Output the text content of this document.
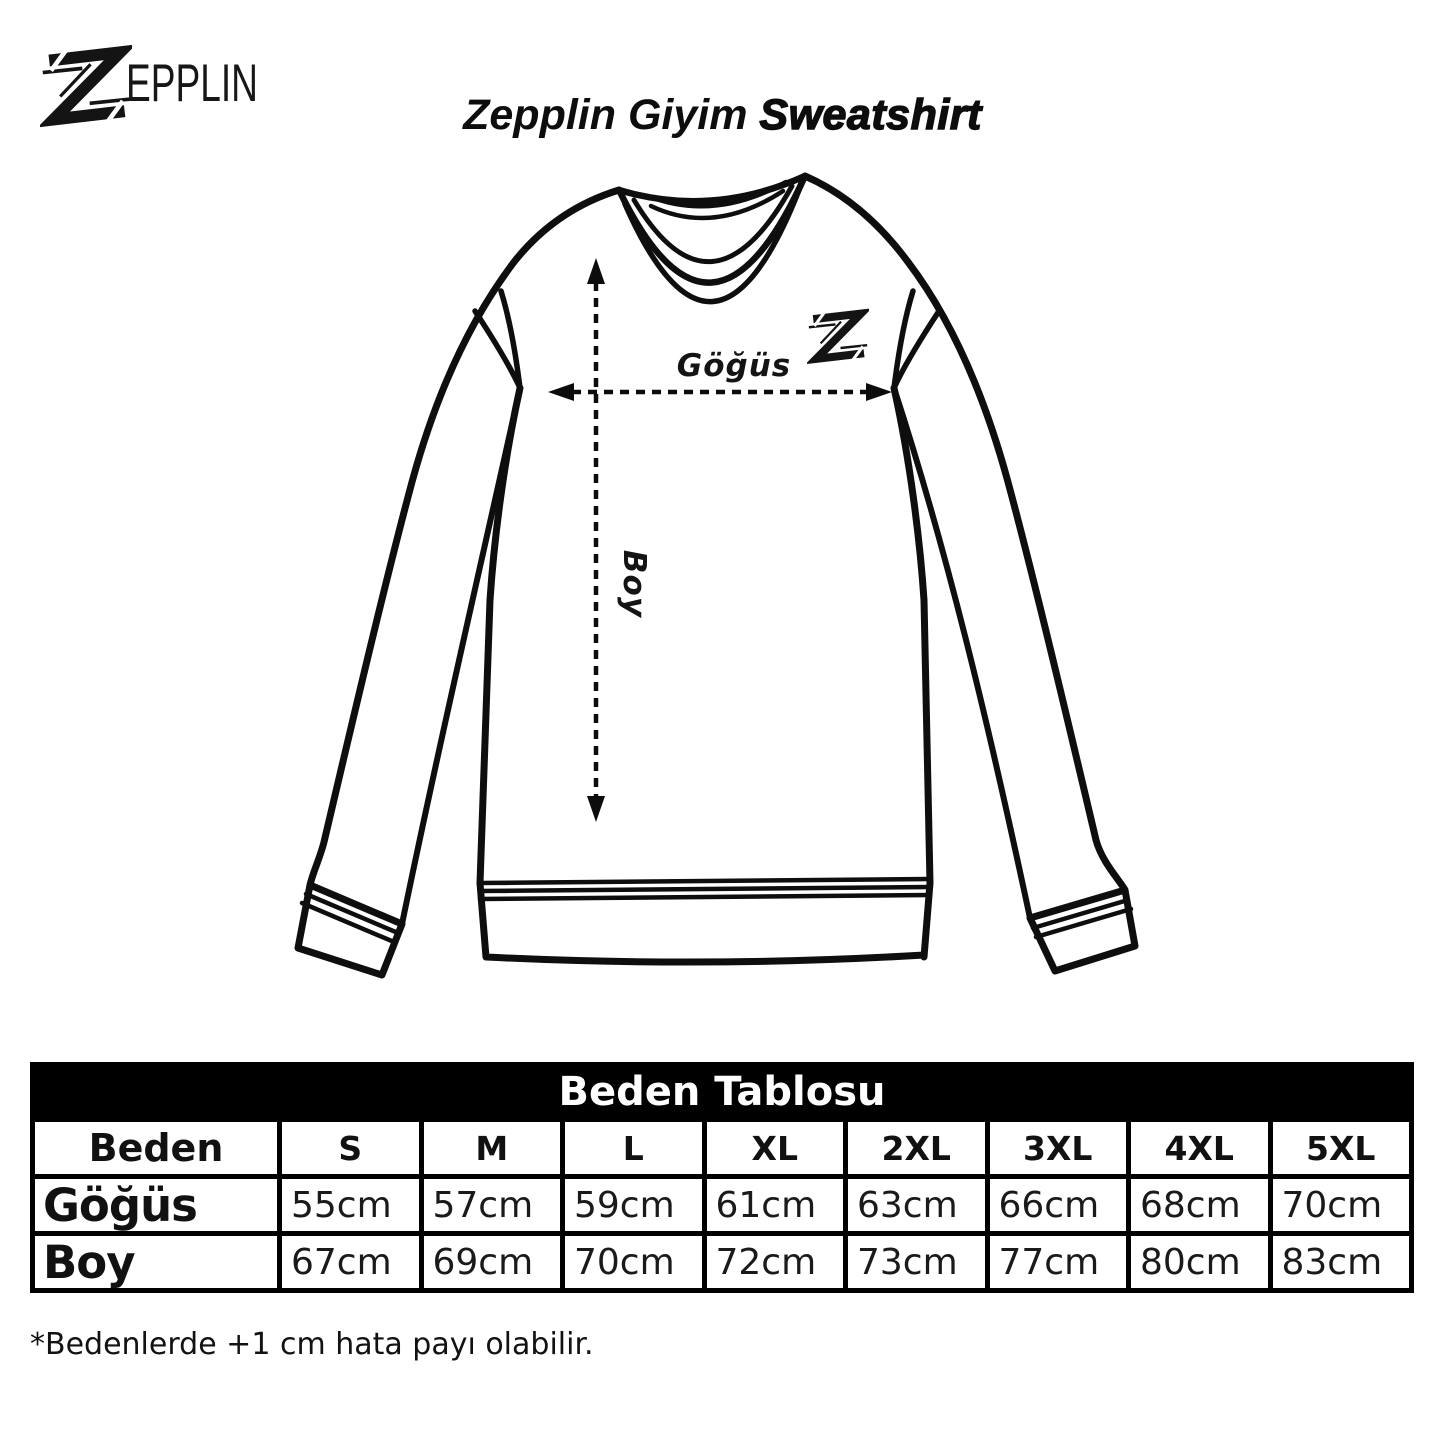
EPPLIN
Zepplin Giyim Sweatshirt
Göğüs
Boy
Beden Tablosu
Beden	S	M	L	XL	2XL	3XL	4XL	5XL
Göğüs	55cm	57cm	59cm	61cm	63cm	66cm	68cm	70cm
Boy	67cm	69cm	70cm	72cm	73cm	77cm	80cm	83cm

*Bedenlerde +1 cm hata payı olabilir.
